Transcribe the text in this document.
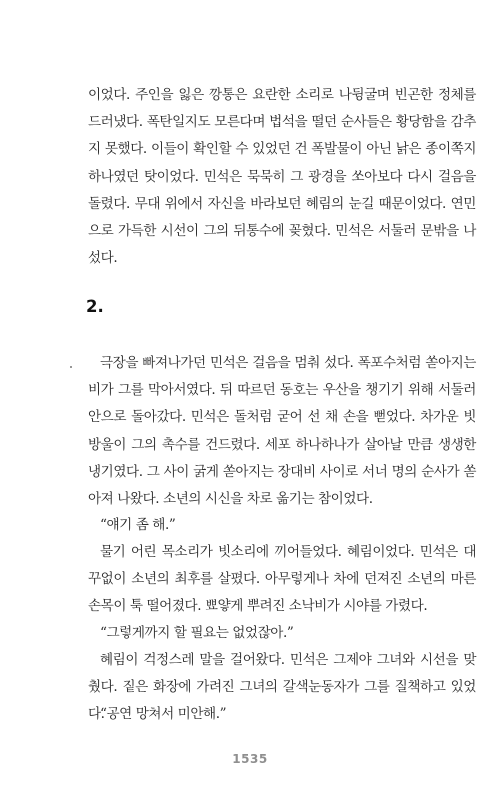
이었다. 주인을 잃은 깡통은 요란한 소리로 나뒹굴며 빈곤한 정체를 드러냈다. 폭탄일지도 모른다며 법석을 떨던 순사들은 황당함을 감추지 못했다. 이들이 확인할 수 있었던 건 폭발물이 아닌 낡은 종이쪽지 하나였던 탓이었다. 민석은 묵묵히 그 광경을 쏘아보다 다시 걸음을 돌렸다. 무대 위에서 자신을 바라보던 혜림의 눈길 때문이었다. 연민으로 가득한 시선이 그의 뒤통수에 꽂혔다. 민석은 서둘러 문밖을 나섰다.

2.

극장을 빠져나가던 민석은 걸음을 멈춰 섰다. 폭포수처럼 쏟아지는 비가 그를 막아서였다. 뒤 따르던 동호는 우산을 챙기기 위해 서둘러 안으로 돌아갔다. 민석은 돌처럼 굳어 선 채 손을 뻗었다. 차가운 빗방울이 그의 촉수를 건드렸다. 세포 하나하나가 살아날 만큼 생생한 냉기였다. 그 사이 굵게 쏟아지는 장대비 사이로 서너 명의 순사가 쏟아져 나왔다. 소년의 시신을 차로 옮기는 참이었다.

“얘기 좀 해.”

물기 어린 목소리가 빗소리에 끼어들었다. 혜림이었다. 민석은 대꾸없이 소년의 최후를 살폈다. 아무렇게나 차에 던져진 소년의 마른 손목이 툭 떨어졌다. 뾰얗게 뿌려진 소낙비가 시야를 가렸다.

“그렇게까지 할 필요는 없었잖아.”

혜림이 걱정스레 말을 걸어왔다. 민석은 그제야 그녀와 시선을 맞췄다. 짙은 화장에 가려진 그녀의 갈색눈동자가 그를 질책하고 있었다.

“공연 망쳐서 미안해.”

1535
